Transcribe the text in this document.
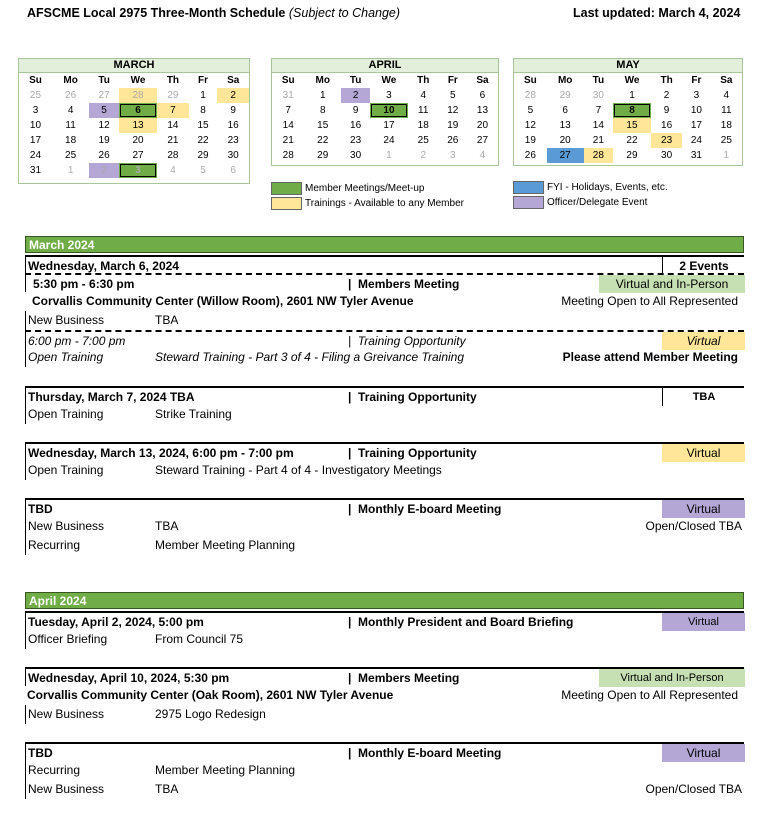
AFSCME Local 2975 Three-Month Schedule (Subject to Change)	Last updated: March 4, 2024
MARCH
Su	Mo	Tu	We	Th	Fr	Sa
25	26	27	28	29	1	2
3	4	5	6	7	8	9
10	11	12	13	14	15	16
17	18	19	20	21	22	23
24	25	26	27	28	29	30
31	1	2	3	4	5	6
APRIL
Su	Mo	Tu	We	Th	Fr	Sa
31	1	2	3	4	5	6
7	8	9	10	11	12	13
14	15	16	17	18	19	20
21	22	23	24	25	26	27
28	29	30	1	2	3	4
MAY
Su	Mo	Tu	We	Th	Fr	Sa
28	29	30	1	2	3	4
5	6	7	8	9	10	11
12	13	14	15	16	17	18
19	20	21	22	23	24	25
26	27	28	29	30	31	1
Member Meetings/Meet-up
Trainings - Available to any Member
FYI - Holidays, Events, etc.
Officer/Delegate Event
March 2024
Wednesday, March 6, 2024	2 Events
5:30 pm - 6:30 pm	|  Members Meeting	Virtual and In-Person
Corvallis Community Center (Willow Room), 2601 NW Tyler Avenue	Meeting Open to All Represented
New Business	TBA
6:00 pm - 7:00 pm	|  Training Opportunity	Virtual
Open Training	Steward Training - Part 3 of 4 - Filing a Greivance Training	Please attend Member Meeting
Thursday, March 7, 2024 TBA	|  Training Opportunity	TBA
Open Training	Strike Training
Wednesday, March 13, 2024, 6:00 pm - 7:00 pm	|  Training Opportunity	Virtual
Open Training	Steward Training - Part 4 of 4 - Investigatory Meetings
TBD	|  Monthly E-board Meeting	Virtual
New Business	TBA	Open/Closed TBA
Recurring	Member Meeting Planning
April 2024
Tuesday, April 2, 2024, 5:00 pm	|  Monthly President and Board Briefing	Virtual
Officer Briefing	From Council 75
Wednesday, April 10, 2024, 5:30 pm	|  Members Meeting	Virtual and In-Person
Corvallis Community Center (Oak Room), 2601 NW Tyler Avenue	Meeting Open to All Represented
New Business	2975 Logo Redesign
TBD	|  Monthly E-board Meeting	Virtual
Recurring	Member Meeting Planning
New Business	TBA	Open/Closed TBA
